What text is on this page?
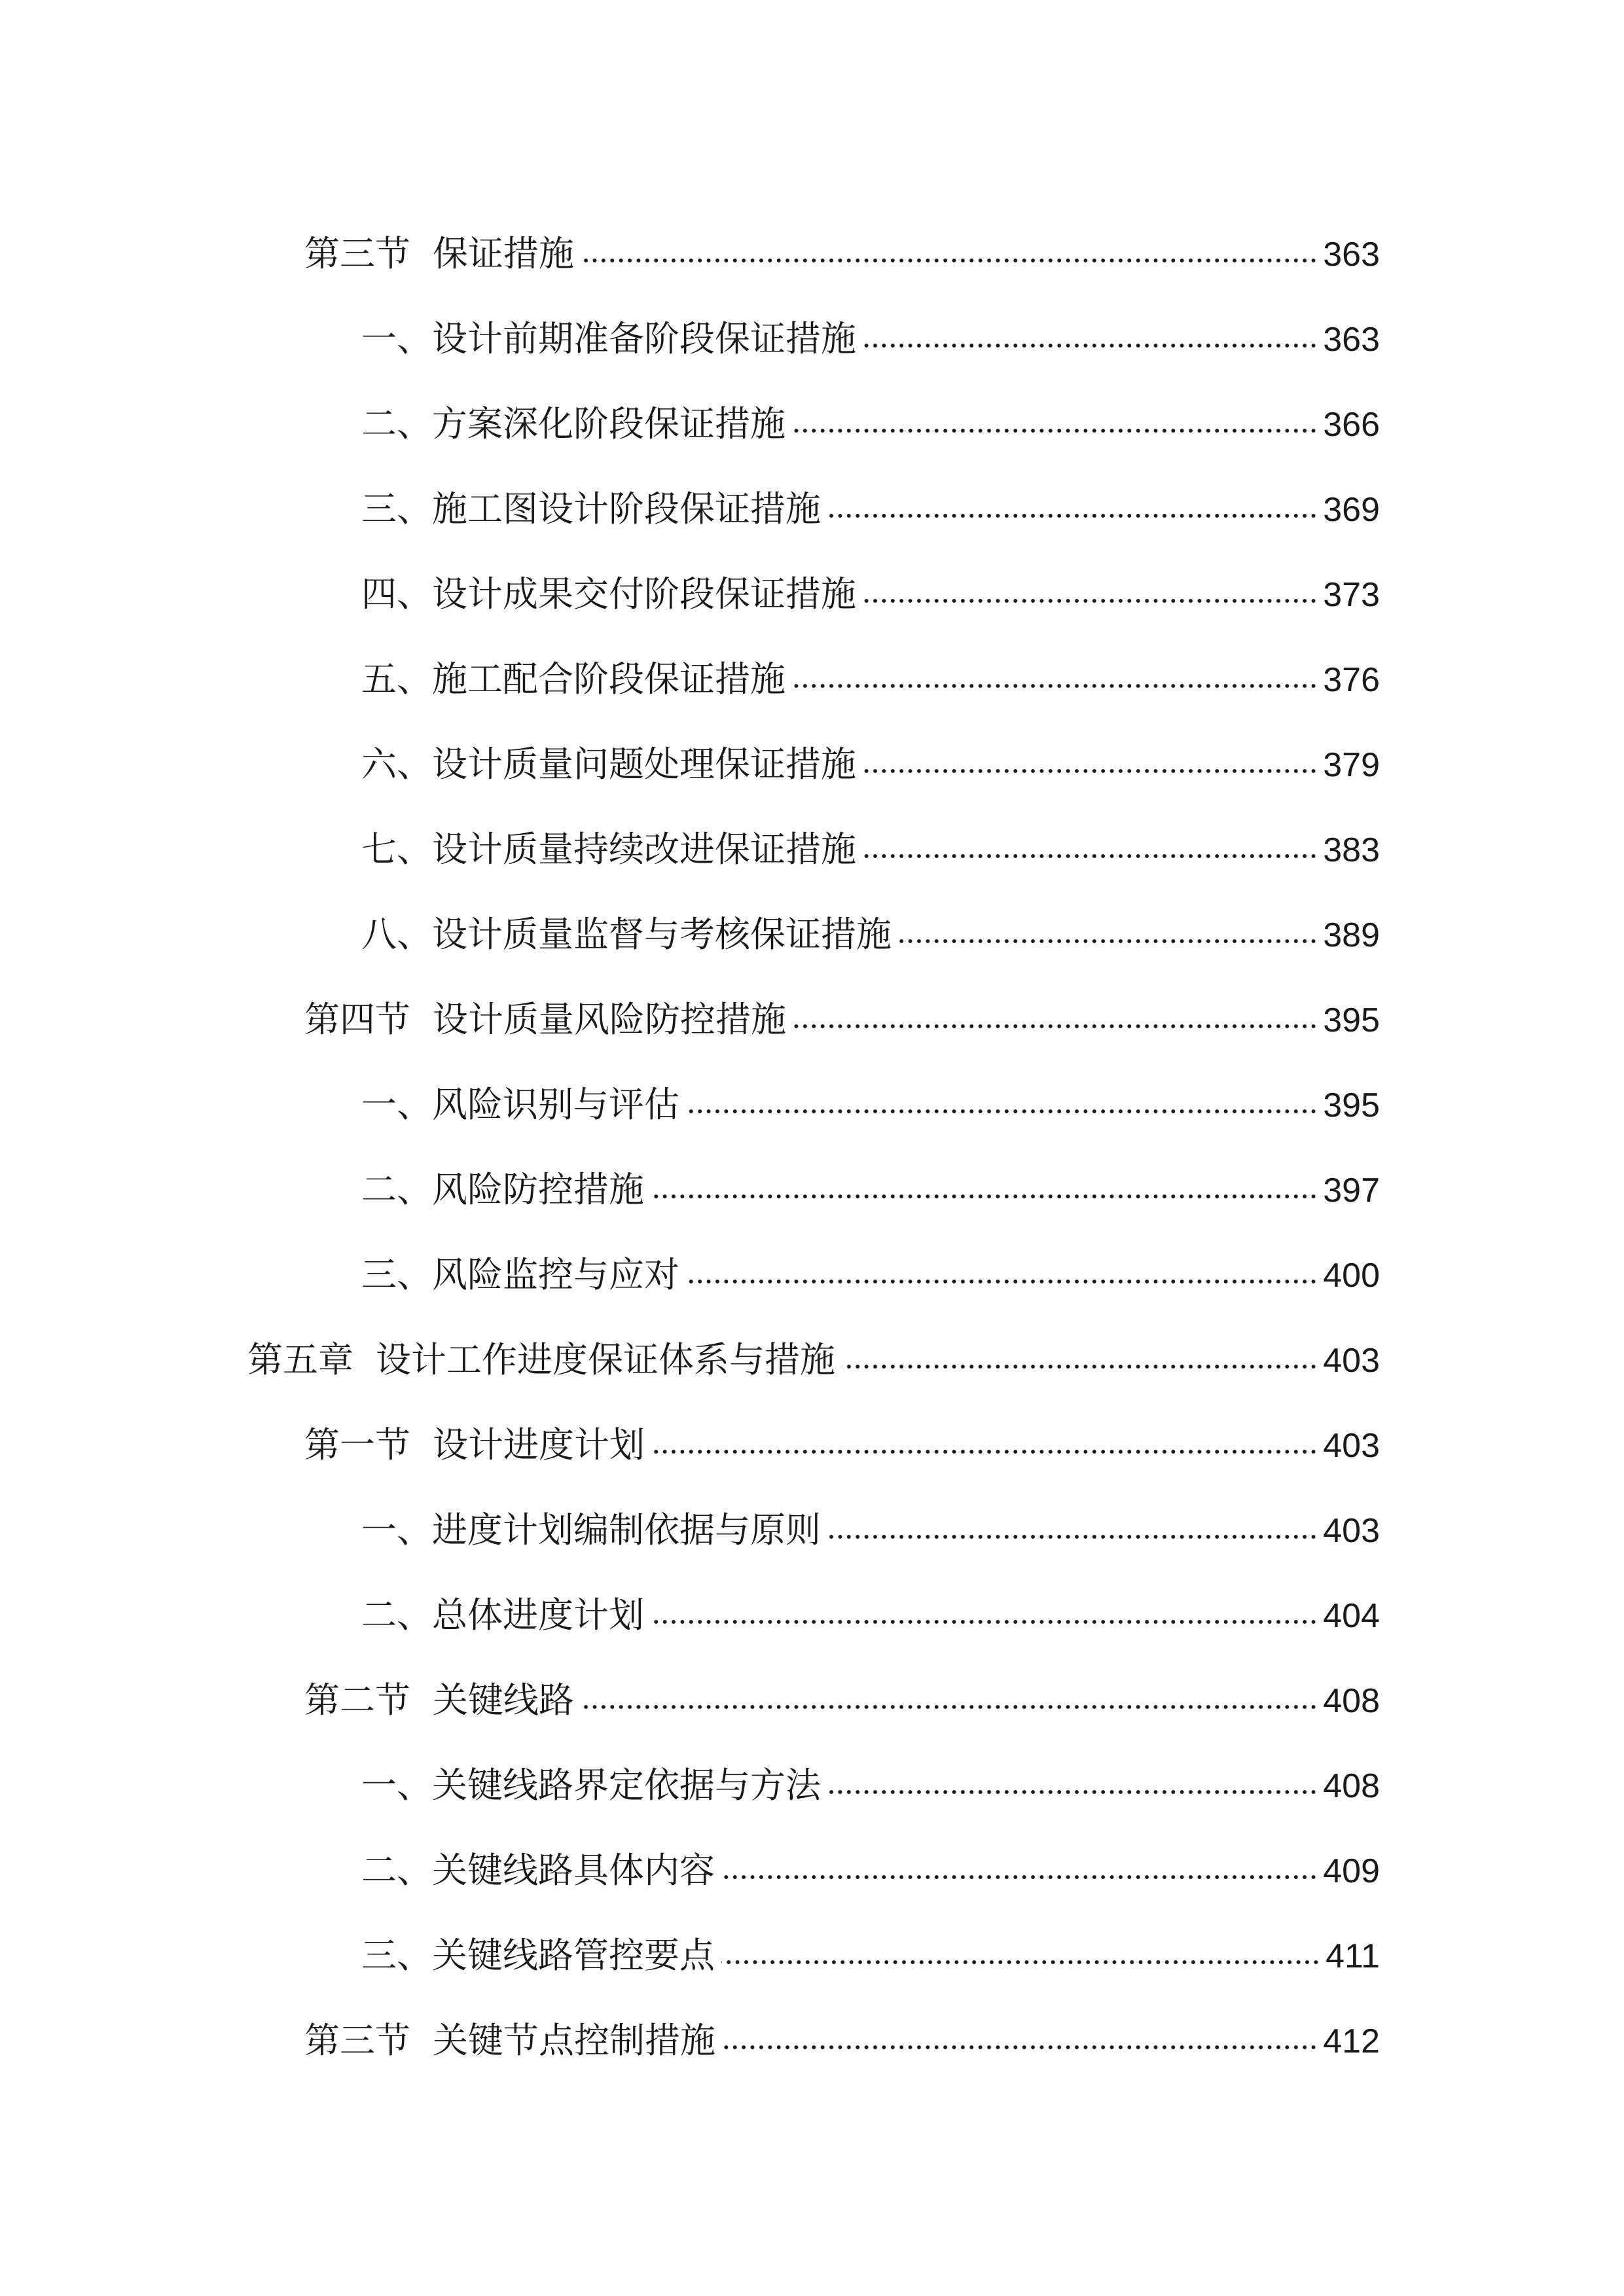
第三节 保证措施	363
一、设计前期准备阶段保证措施	363
二、方案深化阶段保证措施	366
三、施工图设计阶段保证措施	369
四、设计成果交付阶段保证措施	373
五、施工配合阶段保证措施	376
六、设计质量问题处理保证措施	379
七、设计质量持续改进保证措施	383
八、设计质量监督与考核保证措施	389
第四节 设计质量风险防控措施	395
一、风险识别与评估	395
二、风险防控措施	397
三、风险监控与应对	400
第五章 设计工作进度保证体系与措施	403
第一节 设计进度计划	403
一、进度计划编制依据与原则	403
二、总体进度计划	404
第二节 关键线路	408
一、关键线路界定依据与方法	408
二、关键线路具体内容	409
三、关键线路管控要点	411
第三节 关键节点控制措施	412
